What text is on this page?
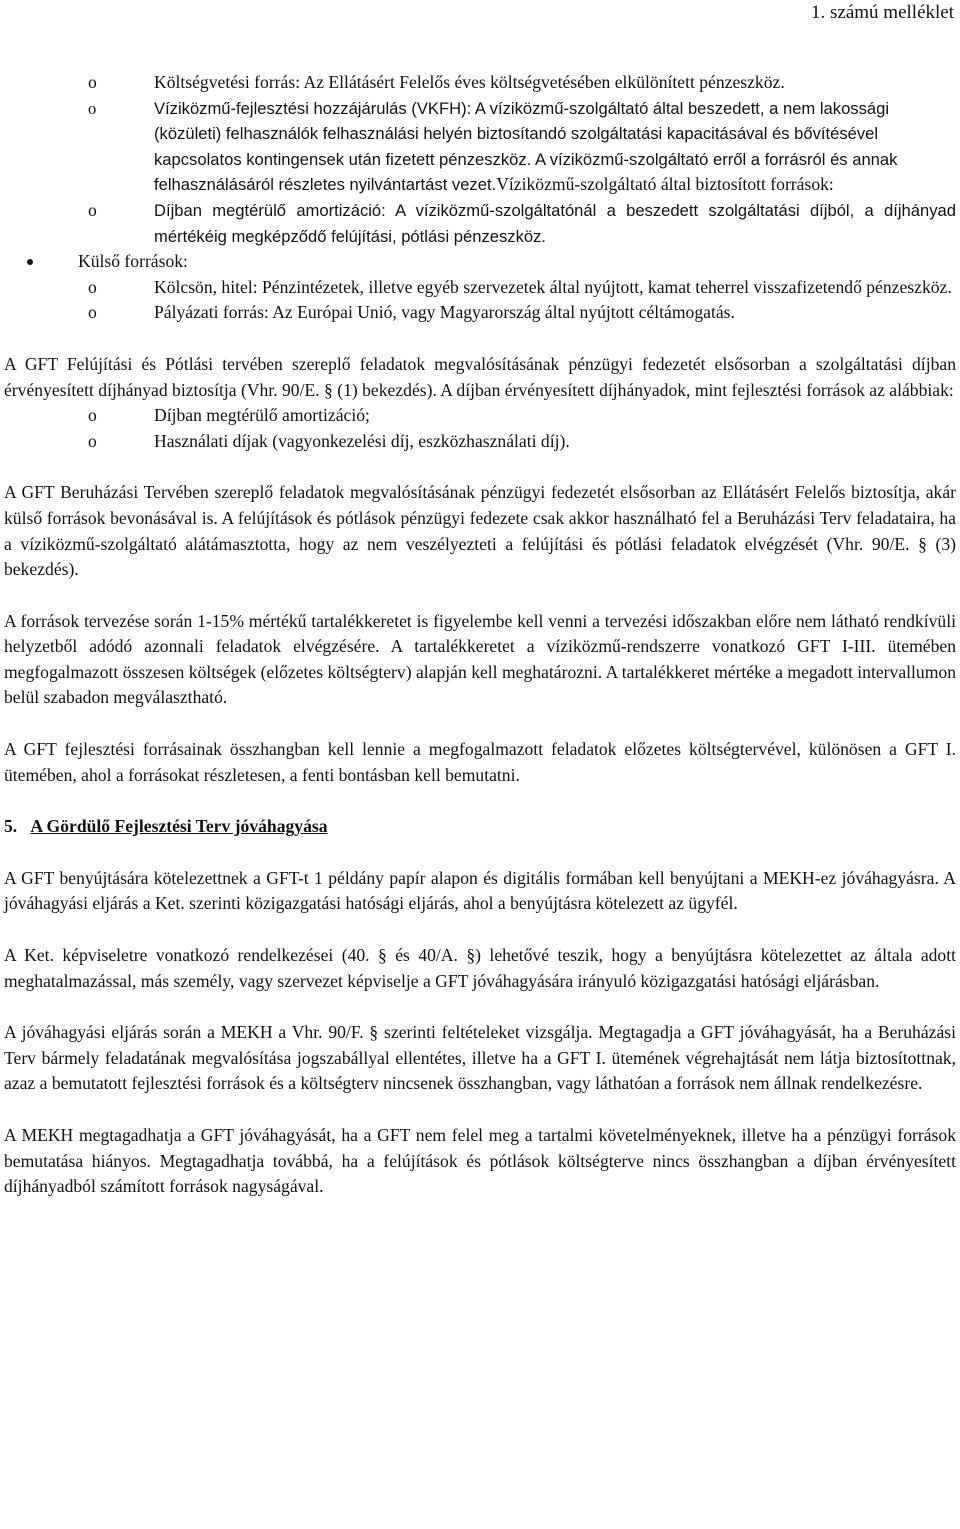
1. számú melléklet
o	Költségvetési forrás: Az Ellátásért Felelős éves költségvetésében elkülönített pénzeszköz.
o	Víziközmű-fejlesztési hozzájárulás (VKFH): A víziközmű-szolgáltató által beszedett, a nem lakossági (közületi) felhasználók felhasználási helyén biztosítandó szolgáltatási kapacitásával és bővítésével kapcsolatos kontingensek után fizetett pénzeszköz. A víziközmű-szolgáltató erről a forrásról és annak felhasználásáról részletes nyilvántartást vezet.Víziközmű-szolgáltató által biztosított források:
o	Díjban megtérülő amortizáció: A víziközmű-szolgáltatónál a beszedett szolgáltatási díjból, a díjhányad mértékéig megképződő felújítási, pótlási pénzeszköz.
Külső források:
o	Kölcsön, hitel: Pénzintézetek, illetve egyéb szervezetek által nyújtott, kamat teherrel visszafizetendő pénzeszköz.
o	Pályázati forrás: Az Európai Unió, vagy Magyarország által nyújtott céltámogatás.
A GFT Felújítási és Pótlási tervében szereplő feladatok megvalósításának pénzügyi fedezetét elsősorban a szolgáltatási díjban érvényesített díjhányad biztosítja (Vhr. 90/E. § (1) bekezdés). A díjban érvényesített díjhányadok, mint fejlesztési források az alábbiak:
o	Díjban megtérülő amortizáció;
o	Használati díjak (vagyonkezelési díj, eszközhasználati díj).
A GFT Beruházási Tervében szereplő feladatok megvalósításának pénzügyi fedezetét elsősorban az Ellátásért Felelős biztosítja, akár külső források bevonásával is. A felújítások és pótlások pénzügyi fedezete csak akkor használható fel a Beruházási Terv feladataira, ha a víziközmű-szolgáltató alátámasztotta, hogy az nem veszélyezteti a felújítási és pótlási feladatok elvégzését (Vhr. 90/E. § (3) bekezdés).
A források tervezése során 1-15% mértékű tartalékkeretet is figyelembe kell venni a tervezési időszakban előre nem látható rendkívüli helyzetből adódó azonnali feladatok elvégzésére. A tartalékkeretet a víziközmű-rendszerre vonatkozó GFT I-III. ütemében megfogalmazott összesen költségek (előzetes költségterv) alapján kell meghatározni. A tartalékkeret mértéke a megadott intervallumon belül szabadon megválasztható.
A GFT fejlesztési forrásainak összhangban kell lennie a megfogalmazott feladatok előzetes költségtervével, különösen a GFT I. ütemében, ahol a forrásokat részletesen, a fenti bontásban kell bemutatni.
5. A Gördülő Fejlesztési Terv jóváhagyása
A GFT benyújtására kötelezettnek a GFT-t 1 példány papír alapon és digitális formában kell benyújtani a MEKH-ez jóváhagyásra. A jóváhagyási eljárás a Ket. szerinti közigazgatási hatósági eljárás, ahol a benyújtásra kötelezett az ügyfél.
A Ket. képviseletre vonatkozó rendelkezései (40. § és 40/A. §) lehetővé teszik, hogy a benyújtásra kötelezettet az általa adott meghatalmazással, más személy, vagy szervezet képviselje a GFT jóváhagyására irányuló közigazgatási hatósági eljárásban.
A jóváhagyási eljárás során a MEKH a Vhr. 90/F. § szerinti feltételeket vizsgálja. Megtagadja a GFT jóváhagyását, ha a Beruházási Terv bármely feladatának megvalósítása jogszabállyal ellentétes, illetve ha a GFT I. ütemének végrehajtását nem látja biztosítottnak, azaz a bemutatott fejlesztési források és a költségterv nincsenek összhangban, vagy láthatóan a források nem állnak rendelkezésre.
A MEKH megtagadhatja a GFT jóváhagyását, ha a GFT nem felel meg a tartalmi követelményeknek, illetve ha a pénzügyi források bemutatása hiányos. Megtagadhatja továbbá, ha a felújítások és pótlások költségterve nincs összhangban a díjban érvényesített díjhányadból számított források nagyságával.
